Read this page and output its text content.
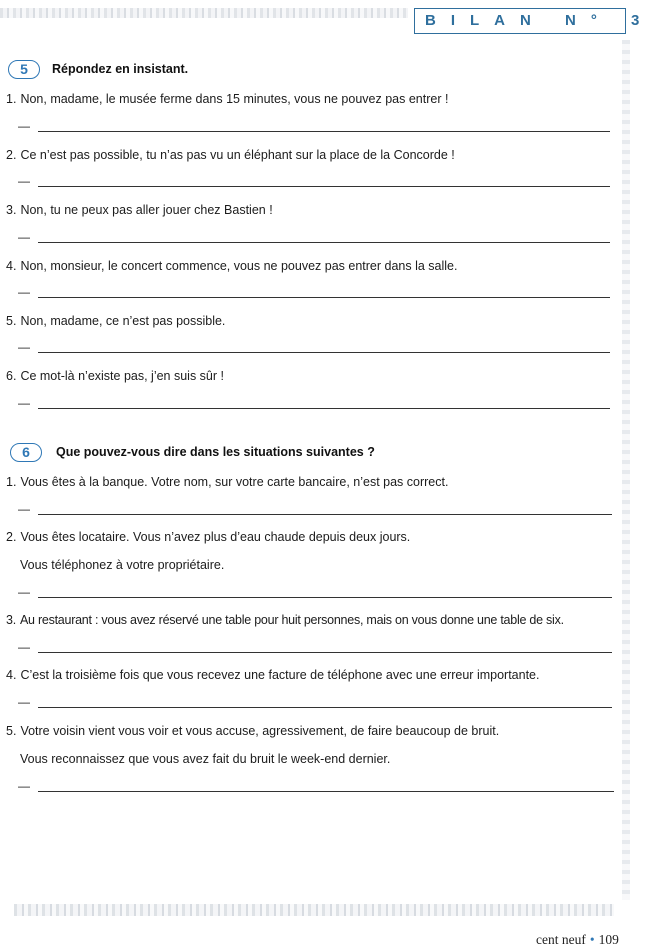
BILAN N° 3
5	Répondez en insistant.
1. Non, madame, le musée ferme dans 15 minutes, vous ne pouvez pas entrer !
—
2. Ce n’est pas possible, tu n’as pas vu un éléphant sur la place de la Concorde !
—
3. Non, tu ne peux pas aller jouer chez Bastien !
—
4. Non, monsieur, le concert commence, vous ne pouvez pas entrer dans la salle.
—
5. Non, madame, ce n’est pas possible.
—
6. Ce mot-là n’existe pas, j’en suis sûr !
—
6	Que pouvez-vous dire dans les situations suivantes ?
1. Vous êtes à la banque. Votre nom, sur votre carte bancaire, n’est pas correct.
—
2. Vous êtes locataire. Vous n’avez plus d’eau chaude depuis deux jours.
Vous téléphonez à votre propriétaire.
—
3. Au restaurant : vous avez réservé une table pour huit personnes, mais on vous donne une table de six.
—
4. C’est la troisième fois que vous recevez une facture de téléphone avec une erreur importante.
—
5. Votre voisin vient vous voir et vous accuse, agressivement, de faire beaucoup de bruit.
Vous reconnaissez que vous avez fait du bruit le week-end dernier.
—
cent neuf • 109
